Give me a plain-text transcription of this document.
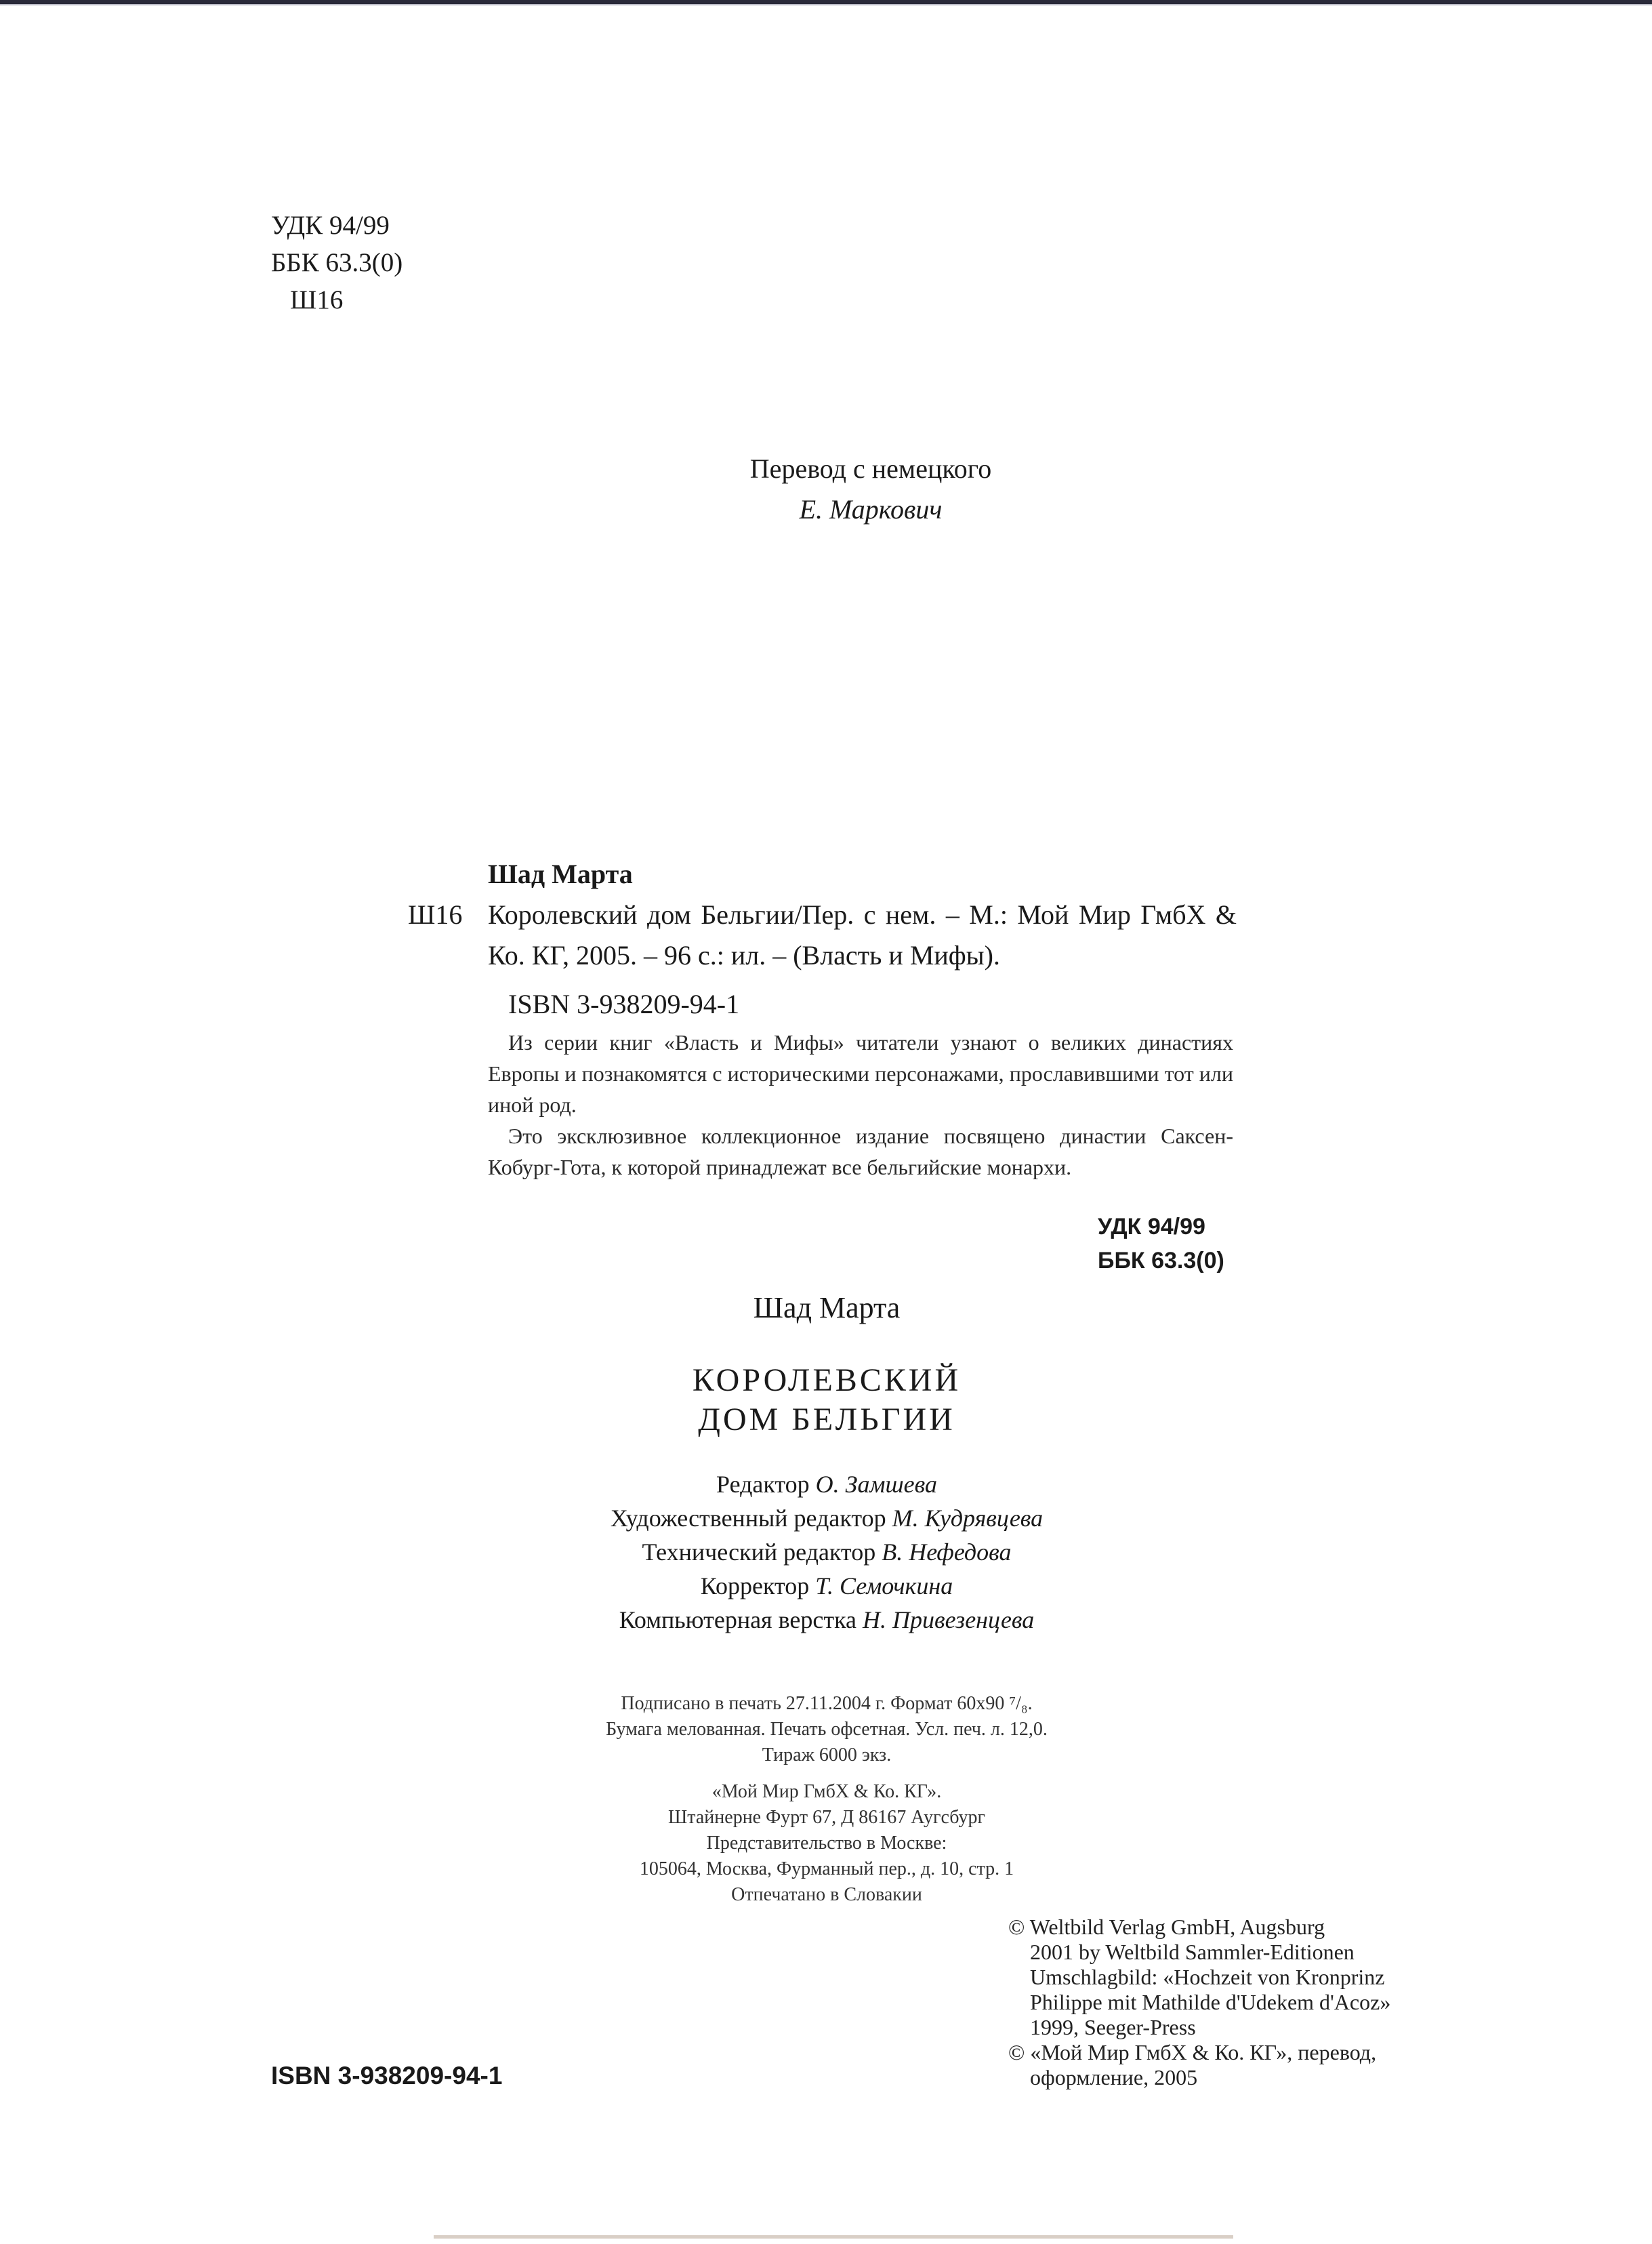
УДК 94/99
ББК 63.3(0)
Ш16
Перевод с немецкого
Е. Маркович
Шад Марта
Ш16 Королевский дом Бельгии/Пер. с нем. – М.: Мой Мир ГмбХ & Ко. КГ, 2005. – 96 с.: ил. – (Власть и Мифы).
ISBN 3-938209-94-1

Из серии книг «Власть и Мифы» читатели узнают о великих династиях Европы и познакомятся с историческими персонажами, прославившими тот или иной род.

Это эксклюзивное коллекционное издание посвящено династии Саксен-Кобург-Гота, к которой принадлежат все бельгийские монархи.

УДК 94/99
ББК 63.3(0)
Шад Марта
КОРОЛЕВСКИЙ
ДОМ БЕЛЬГИИ
Редактор О. Замшева
Художественный редактор М. Кудрявцева
Технический редактор В. Нефедова
Корректор Т. Семочкина
Компьютерная верстка Н. Привезенцева
Подписано в печать 27.11.2004 г. Формат 60х90 ⁷/₈.
Бумага мелованная. Печать офсетная. Усл. печ. л. 12,0.
Тираж 6000 экз.
«Мой Мир ГмбХ & Ко. КГ».
Штайнерне Фурт 67, Д 86167 Аугсбург
Представительство в Москве:
105064, Москва, Фурманный пер., д. 10, стр. 1
Отпечатано в Словакии
© Weltbild Verlag GmbH, Augsburg
2001 by Weltbild Sammler-Editionen
Umschlagbild: «Hochzeit von Kronprinz
Philippe mit Mathilde d'Udekem d'Acoz»
1999, Seeger-Press
© «Мой Мир ГмбХ & Ко. КГ», перевод,
оформление, 2005
ISBN 3-938209-94-1
